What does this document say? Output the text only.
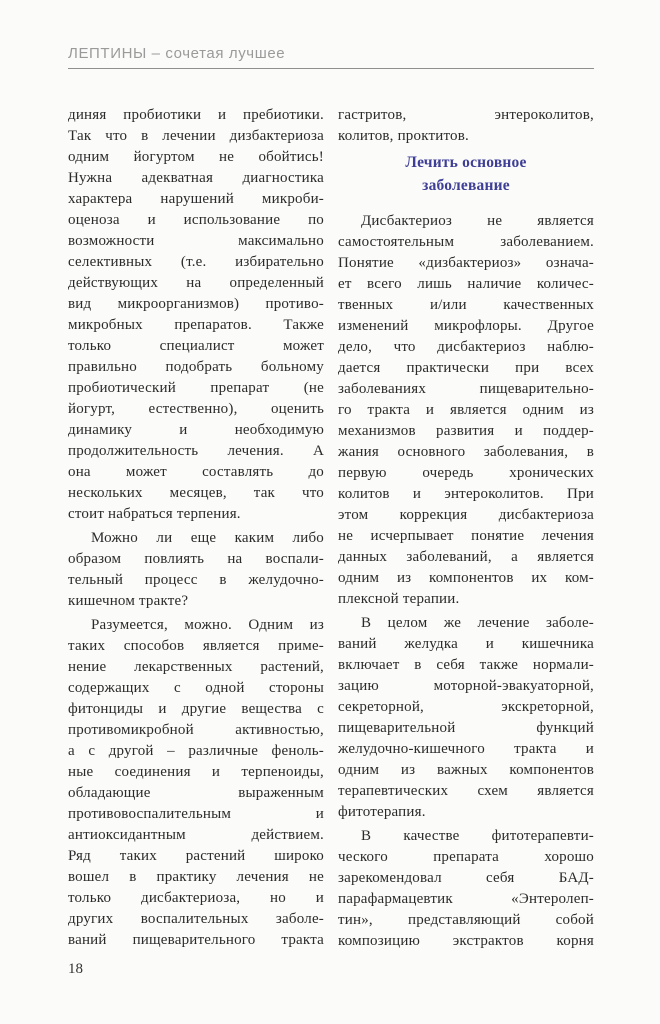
ЛЕПТИНЫ – сочетая лучшее
диняя пробиотики и пребиотики.
Так что в лечении дизбактериоза
одним йогуртом не обойтись!
Нужна адекватная диагностика
характера нарушений микроби-
оценоза и использование по
возможности максимально
селективных (т.е. избирательно
действующих на определенный
вид микроорганизмов) противо-
микробных препаратов. Также
только специалист может
правильно подобрать больному
пробиотический препарат (не
йогурт, естественно), оценить
динамику и необходимую
продолжительность лечения. А
она может составлять до
нескольких месяцев, так что
стоит набраться терпения.
Можно ли еще каким либо
образом повлиять на воспали-
тельный процесс в желудочно-
кишечном тракте?
Разумеется, можно. Одним из
таких способов является приме-
нение лекарственных растений,
содержащих с одной стороны
фитонциды и другие вещества с
противомикробной активностью,
а с другой – различные феноль-
ные соединения и терпеноиды,
обладающие выраженным
противовоспалительным и
антиоксидантным действием.
Ряд таких растений широко
вошел в практику лечения не
только дисбактериоза, но и
других воспалительных заболе-
ваний пищеварительного тракта
гастритов, энтероколитов,
колитов, проктитов.
Лечить основное
заболевание
Дисбактериоз не является
самостоятельным заболеванием.
Понятие «дизбактериоз» означа-
ет всего лишь наличие количес-
твенных и/или качественных
изменений микрофлоры. Другое
дело, что дисбактериоз наблю-
дается практически при всех
заболеваниях пищеварительно-
го тракта и является одним из
механизмов развития и поддер-
жания основного заболевания, в
первую очередь хронических
колитов и энтероколитов. При
этом коррекция дисбактериоза
не исчерпывает понятие лечения
данных заболеваний, а является
одним из компонентов их ком-
плексной терапии.
В целом же лечение заболе-
ваний желудка и кишечника
включает в себя также нормали-
зацию моторной-эвакуаторной,
секреторной, экскреторной,
пищеварительной функций
желудочно-кишечного тракта и
одним из важных компонентов
терапевтических схем является
фитотерапия.
В качестве фитотерапевти-
ческого препарата хорошо
зарекомендовал себя БАД-
парафармацевтик «Энтеролеп-
тин», представляющий собой
композицию экстрактов корня
18
